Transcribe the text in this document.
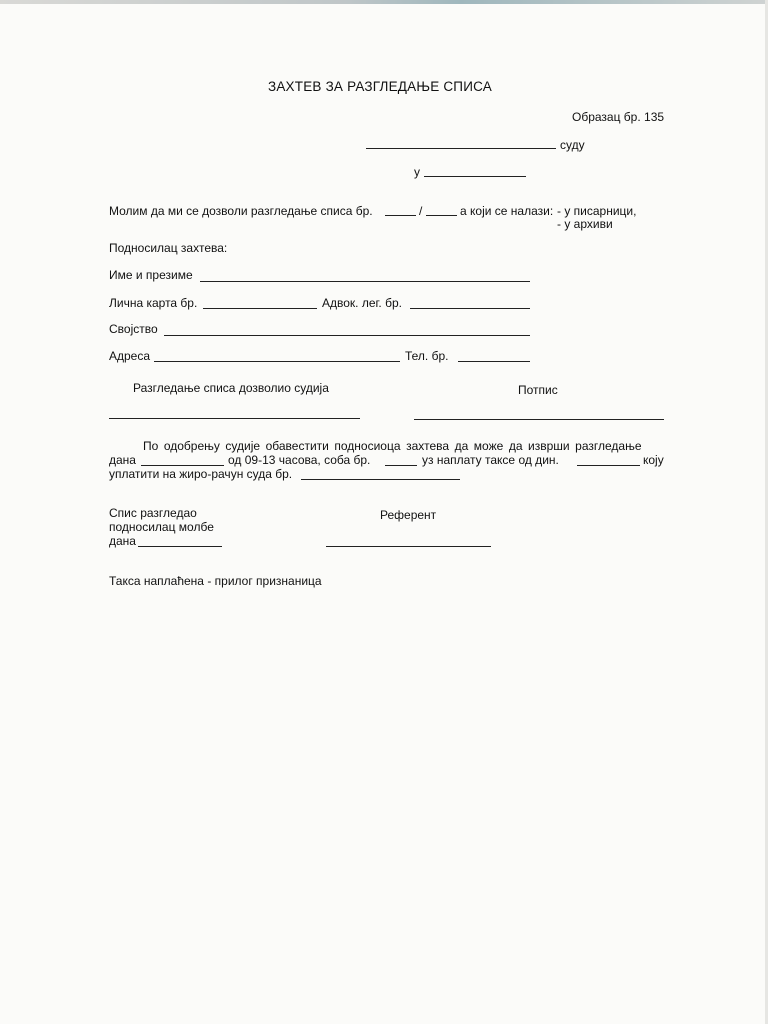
ЗАХТЕВ ЗА РАЗГЛЕДАЊЕ СПИСА
Образац бр. 135
суду
у
Молим да ми се дозволи разгледање списа бр.	/	а који се налази: - у писарници,
- у архиви
Подносилац захтева:
Име и презиме
Лична карта бр.	Адвок. лег. бр.
Својство
Адреса	Тел. бр.
Разгледање списа дозволио судија	Потпис
По одобрењу судије обавестити подносиоца захтева да може да изврши разгледање
дана	од 09-13 часова, соба бр.	уз наплату таксе од дин.	коју
уплатити на жиро-рачун суда бр.
Спис разгледао
подносилац молбе
дана
Референт
Такса наплаћена - прилог признаница
